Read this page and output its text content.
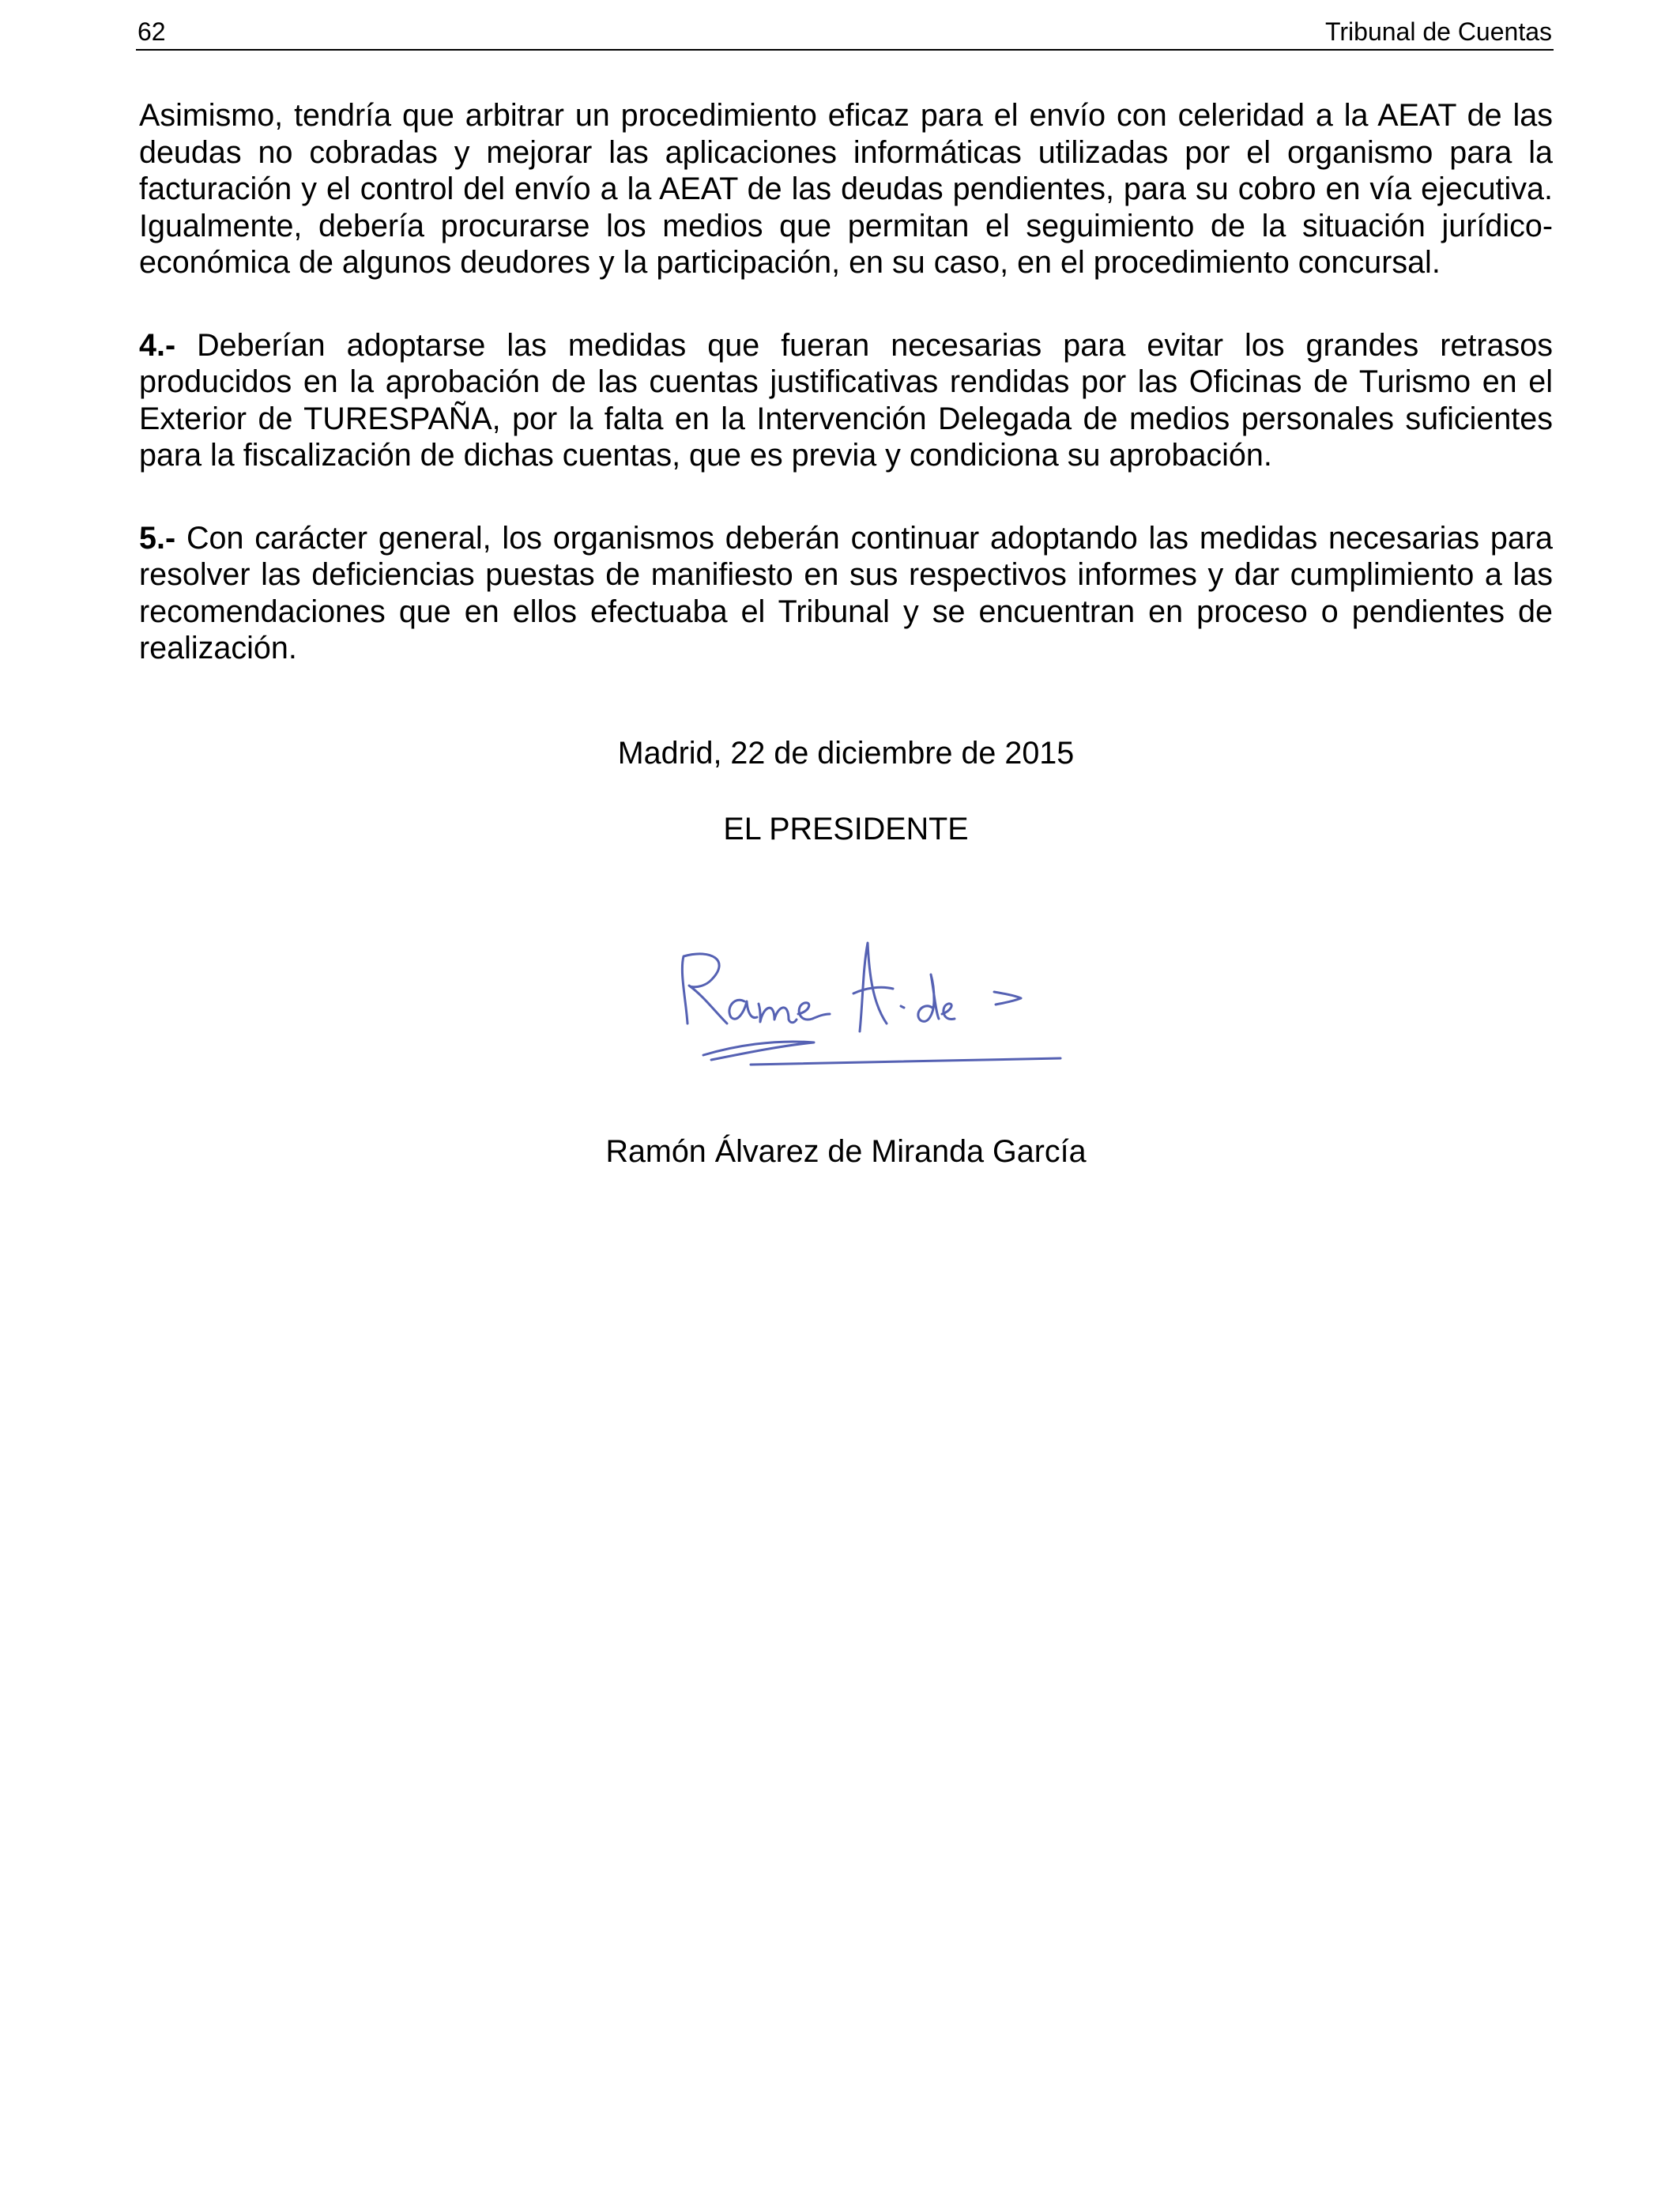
62	Tribunal de Cuentas

Asimismo, tendría que arbitrar un procedimiento eficaz para el envío con celeridad a la AEAT de las deudas no cobradas y mejorar las aplicaciones informáticas utilizadas por el organismo para la facturación y el control del envío a la AEAT de las deudas pendientes, para su cobro en vía ejecutiva. Igualmente, debería procurarse los medios que permitan el seguimiento de la situación jurídico-económica de algunos deudores y la participación, en su caso, en el procedimiento concursal.

4.- Deberían adoptarse las medidas que fueran necesarias para evitar los grandes retrasos producidos en la aprobación de las cuentas justificativas rendidas por las Oficinas de Turismo en el Exterior de TURESPAÑA, por la falta en la Intervención Delegada de medios personales suficientes para la fiscalización de dichas cuentas, que es previa y condiciona su aprobación.

5.- Con carácter general, los organismos deberán continuar adoptando las medidas necesarias para resolver las deficiencias puestas de manifiesto en sus respectivos informes y dar cumplimiento a las recomendaciones que en ellos efectuaba el Tribunal y se encuentran en proceso o pendientes de realización.

Madrid, 22 de diciembre de 2015
EL PRESIDENTE
Ramón Álvarez de Miranda García
